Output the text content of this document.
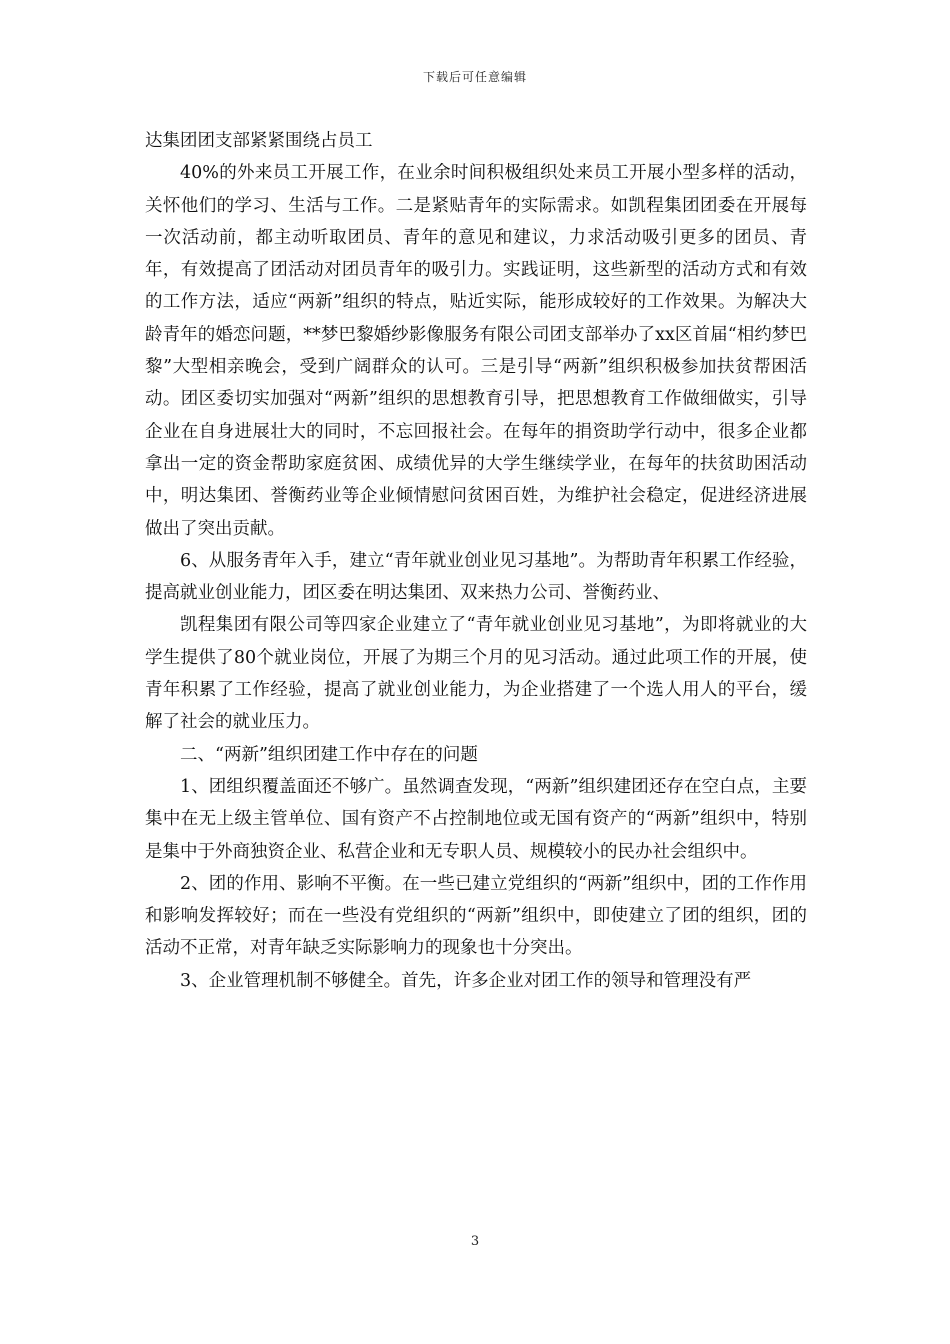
下载后可任意编辑

达集团团支部紧紧围绕占员工

40%的外来员工开展工作，在业余时间积极组织处来员工开展小型多样的活动，关怀他们的学习、生活与工作。二是紧贴青年的实际需求。如凯程集团团委在开展每一次活动前，都主动听取团员、青年的意见和建议，力求活动吸引更多的团员、青年，有效提高了团活动对团员青年的吸引力。实践证明，这些新型的活动方式和有效的工作方法，适应“两新”组织的特点，贴近实际，能形成较好的工作效果。为解决大龄青年的婚恋问题，**梦巴黎婚纱影像服务有限公司团支部举办了xx区首届“相约梦巴黎”大型相亲晚会，受到广阔群众的认可。三是引导“两新”组织积极参加扶贫帮困活动。团区委切实加强对“两新”组织的思想教育引导，把思想教育工作做细做实，引导企业在自身进展壮大的同时，不忘回报社会。在每年的捐资助学行动中，很多企业都拿出一定的资金帮助家庭贫困、成绩优异的大学生继续学业，在每年的扶贫助困活动中，明达集团、誉衡药业等企业倾情慰问贫困百姓，为维护社会稳定，促进经济进展做出了突出贡献。

6、从服务青年入手，建立“青年就业创业见习基地”。为帮助青年积累工作经验，提高就业创业能力，团区委在明达集团、双来热力公司、誉衡药业、

凯程集团有限公司等四家企业建立了“青年就业创业见习基地”，为即将就业的大学生提供了80个就业岗位，开展了为期三个月的见习活动。通过此项工作的开展，使青年积累了工作经验，提高了就业创业能力，为企业搭建了一个选人用人的平台，缓解了社会的就业压力。

二、“两新”组织团建工作中存在的问题

1、团组织覆盖面还不够广。虽然调查发现，“两新”组织建团还存在空白点，主要集中在无上级主管单位、国有资产不占控制地位或无国有资产的“两新”组织中，特别是集中于外商独资企业、私营企业和无专职人员、规模较小的民办社会组织中。

2、团的作用、影响不平衡。在一些已建立党组织的“两新”组织中，团的工作作用和影响发挥较好；而在一些没有党组织的“两新”组织中，即使建立了团的组织，团的活动不正常，对青年缺乏实际影响力的现象也十分突出。

3、企业管理机制不够健全。首先，许多企业对团工作的领导和管理没有严

3
